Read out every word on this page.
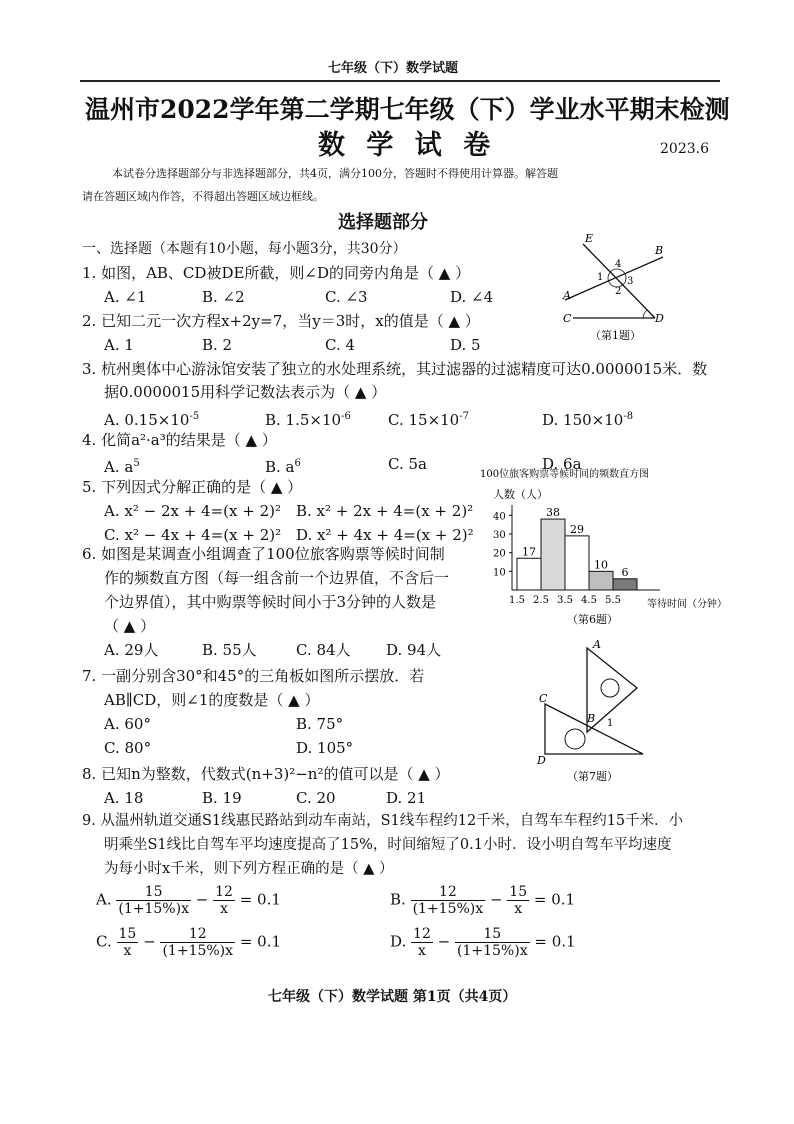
七年级（下）数学试题
温州市2022学年第二学期七年级（下）学业水平期末检测
数 学 试 卷	2023.6
本试卷分选择题部分与非选择题部分，共4页，满分100分，答题时不得使用计算器。解答题
请在答题区域内作答，不得超出答题区域边框线。
选择题部分
一、选择题（本题有10小题，每小题3分，共30分）
1. 如图，AB、CD被DE所截，则∠D的同旁内角是（ ▲ ）
A. ∠1	B. ∠2	C. ∠3	D. ∠4
2. 已知二元一次方程x+2y=7，当y＝3时，x的值是（ ▲ ）
A. 1	B. 2	C. 4	D. 5
E
B
A
C	D
1
2
3
4
（第1题）
3. 杭州奥体中心游泳馆安装了独立的水处理系统，其过滤器的过滤精度可达0.0000015米．数
据0.0000015用科学记数法表示为（ ▲ ）
A. $0.15\times 10^{-5}$	B. $1.5\times 10^{-6}$ C. $15\times 10^{-7}$	D. $150\times 10^{-8}$
4. 化简a²·a³的结果是（ ▲ ）
A. $a^5$	B. $a^6$	C. 5a	D. 6a
5. 下列因式分解正确的是（ ▲ ）
A. x² − 2x + 4=(x + 2)² B. x² + 2x + 4=(x + 2)²
C. x² − 4x + 4=(x + 2)² D. x² + 4x + 4=(x + 2)²
100位旅客购票等候时间的频数直方图
人数（人）
10
20
30
40
17
38
29
10
6
1.5 2.5 3.5 4.5 5.5	等待时间（分钟）
（第6题）
6. 如图是某调查小组调查了100位旅客购票等候时间制
作的频数直方图（每一组含前一个边界值，不含后一
个边界值），其中购票等候时间小于3分钟的人数是
（ ▲ ）
A. 29人	B. 55人	C. 84人 D. 94人	A
B
C
D
1
（第7题）
7. 一副分别含30°和45°的三角板如图所示摆放．若
AB∥CD，则∠1的度数是（ ▲ ）
A. 60°	B. 75°
C. 80°	D. 105°
8. 已知n为整数，代数式(n+3)²−n²的值可以是（ ▲ ）
A. 18	B. 19	C. 20	D. 21
9. 从温州轨道交通S1线惠民路站到动车南站，S1线车程约12千米，自驾车车程约15千米．小
明乘坐S1线比自驾车平均速度提高了15%，时间缩短了0.1小时．设小明自驾车平均速度
为每小时x千米，则下列方程正确的是（ ▲ ）
A. $\frac{15}{(1+15\%)x} - \frac{12}{x} = 0.1$	B. $\frac{12}{(1+15\%)x} - \frac{15}{x} = 0.1$
C. $\frac{15}{x} - \frac{12}{(1+15\%)x} = 0.1$	D. $\frac{12}{x} - \frac{15}{(1+15\%)x} = 0.1$
七年级（下）数学试题 第1页（共4页）
